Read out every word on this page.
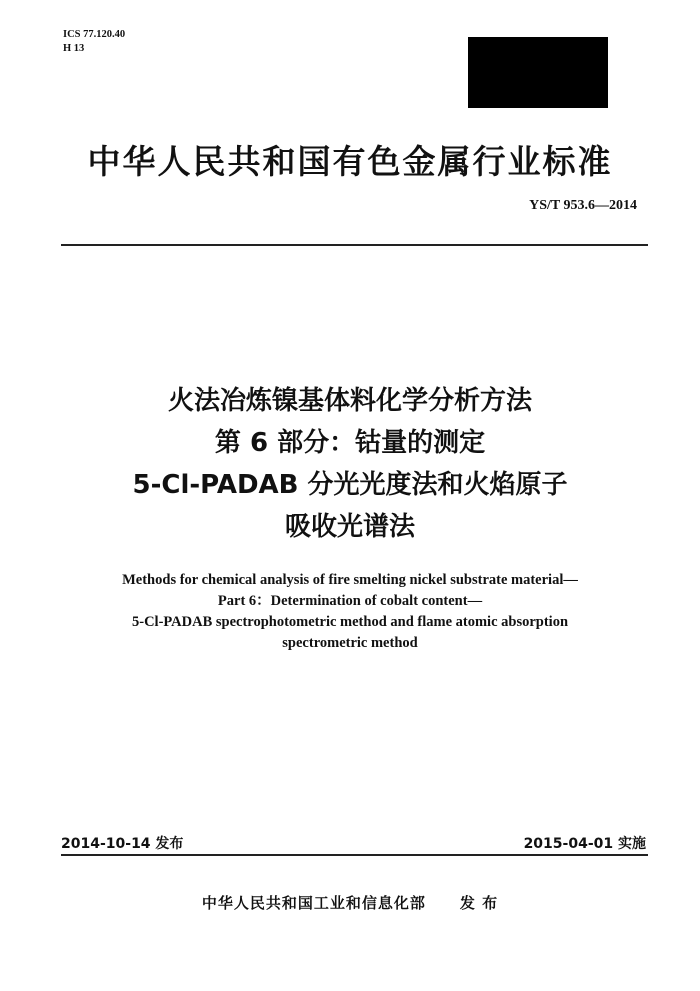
ICS 77.120.40
H 13
中华人民共和国有色金属行业标准
YS/T 953.6—2014
火法冶炼镍基体料化学分析方法
第 6 部分：钴量的测定
5-Cl-PADAB 分光光度法和火焰原子
吸收光谱法
Methods for chemical analysis of fire smelting nickel substrate material—
Part 6：Determination of cobalt content—
5-Cl-PADAB spectrophotometric method and flame atomic absorption
spectrometric method
2014-10-14 发布	2015-04-01 实施
中华人民共和国工业和信息化部 发 布
